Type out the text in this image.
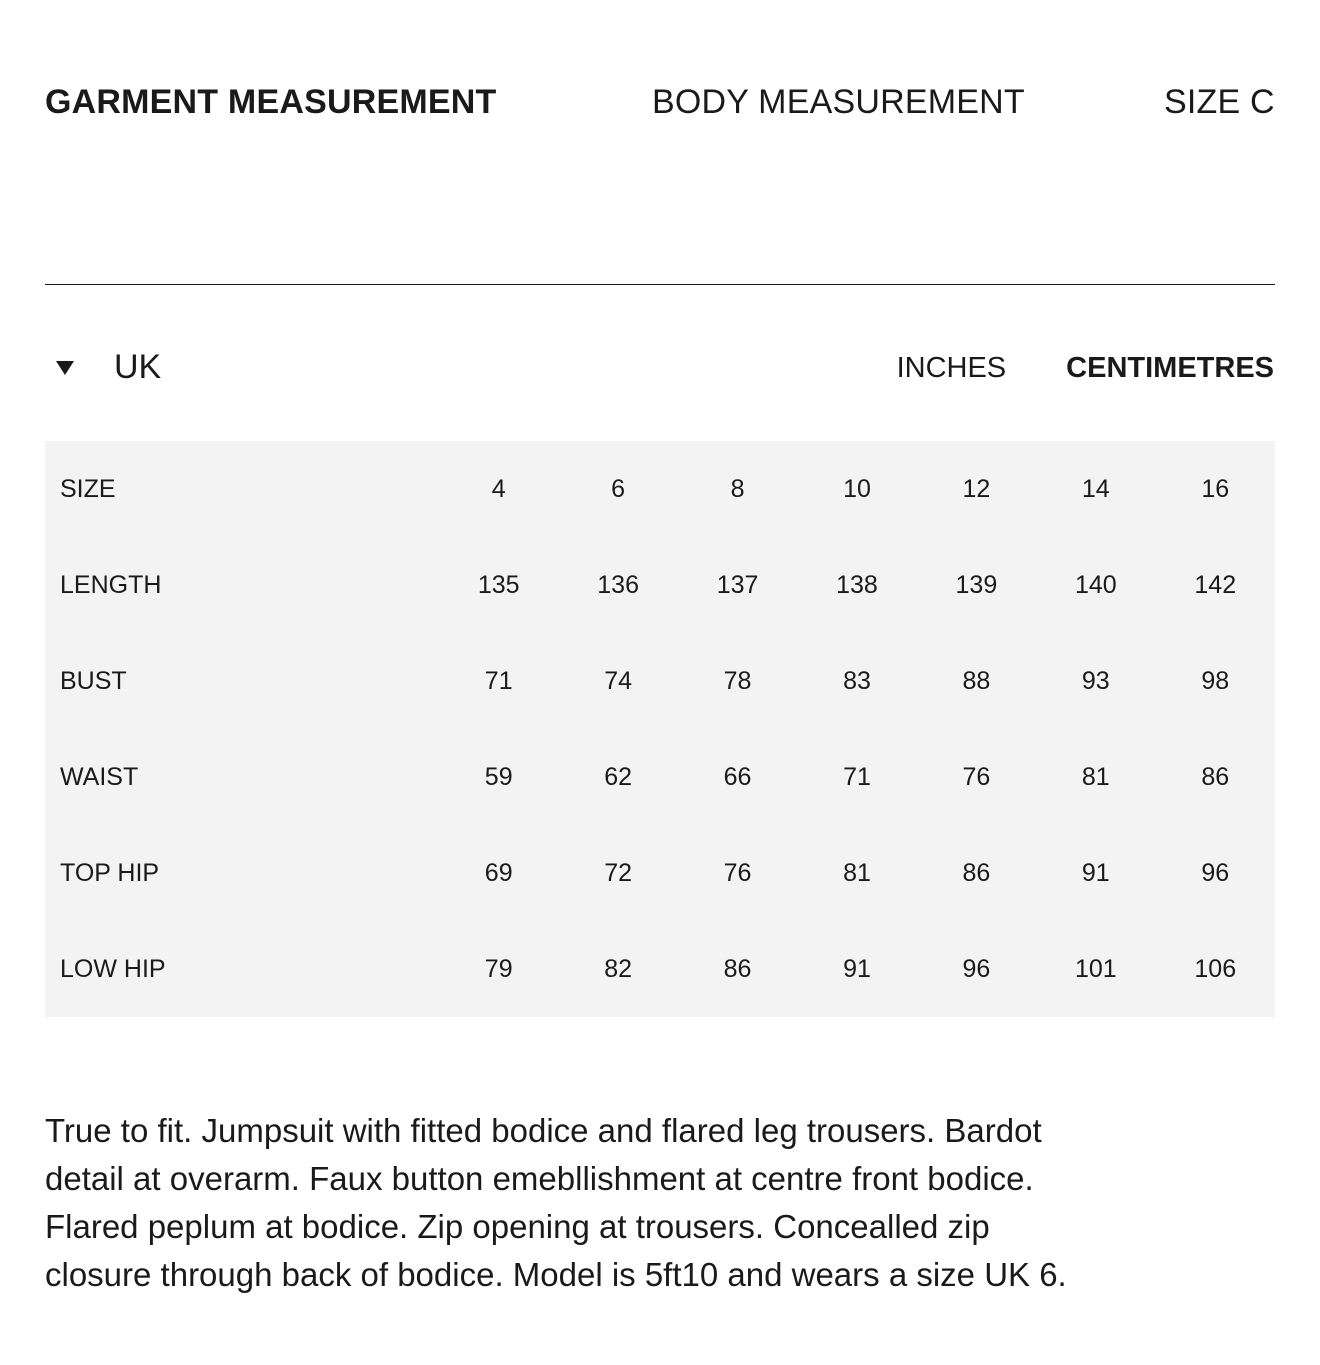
GARMENT MEASUREMENT	BODY MEASUREMENT	SIZE C
UK	INCHES CENTIMETRES
SIZE	4	6	8	10	12	14	16
LENGTH	135	136	137	138	139	140	142
BUST	71	74	78	83	88	93	98
WAIST	59	62	66	71	76	81	86
TOP HIP	69	72	76	81	86	91	96
LOW HIP	79	82	86	91	96	101	106

True to fit. Jumpsuit with fitted bodice and flared leg trousers. Bardot detail at overarm. Faux button emebllishment at centre front bodice. Flared peplum at bodice. Zip opening at trousers. Concealled zip closure through back of bodice. Model is 5ft10 and wears a size UK 6.
